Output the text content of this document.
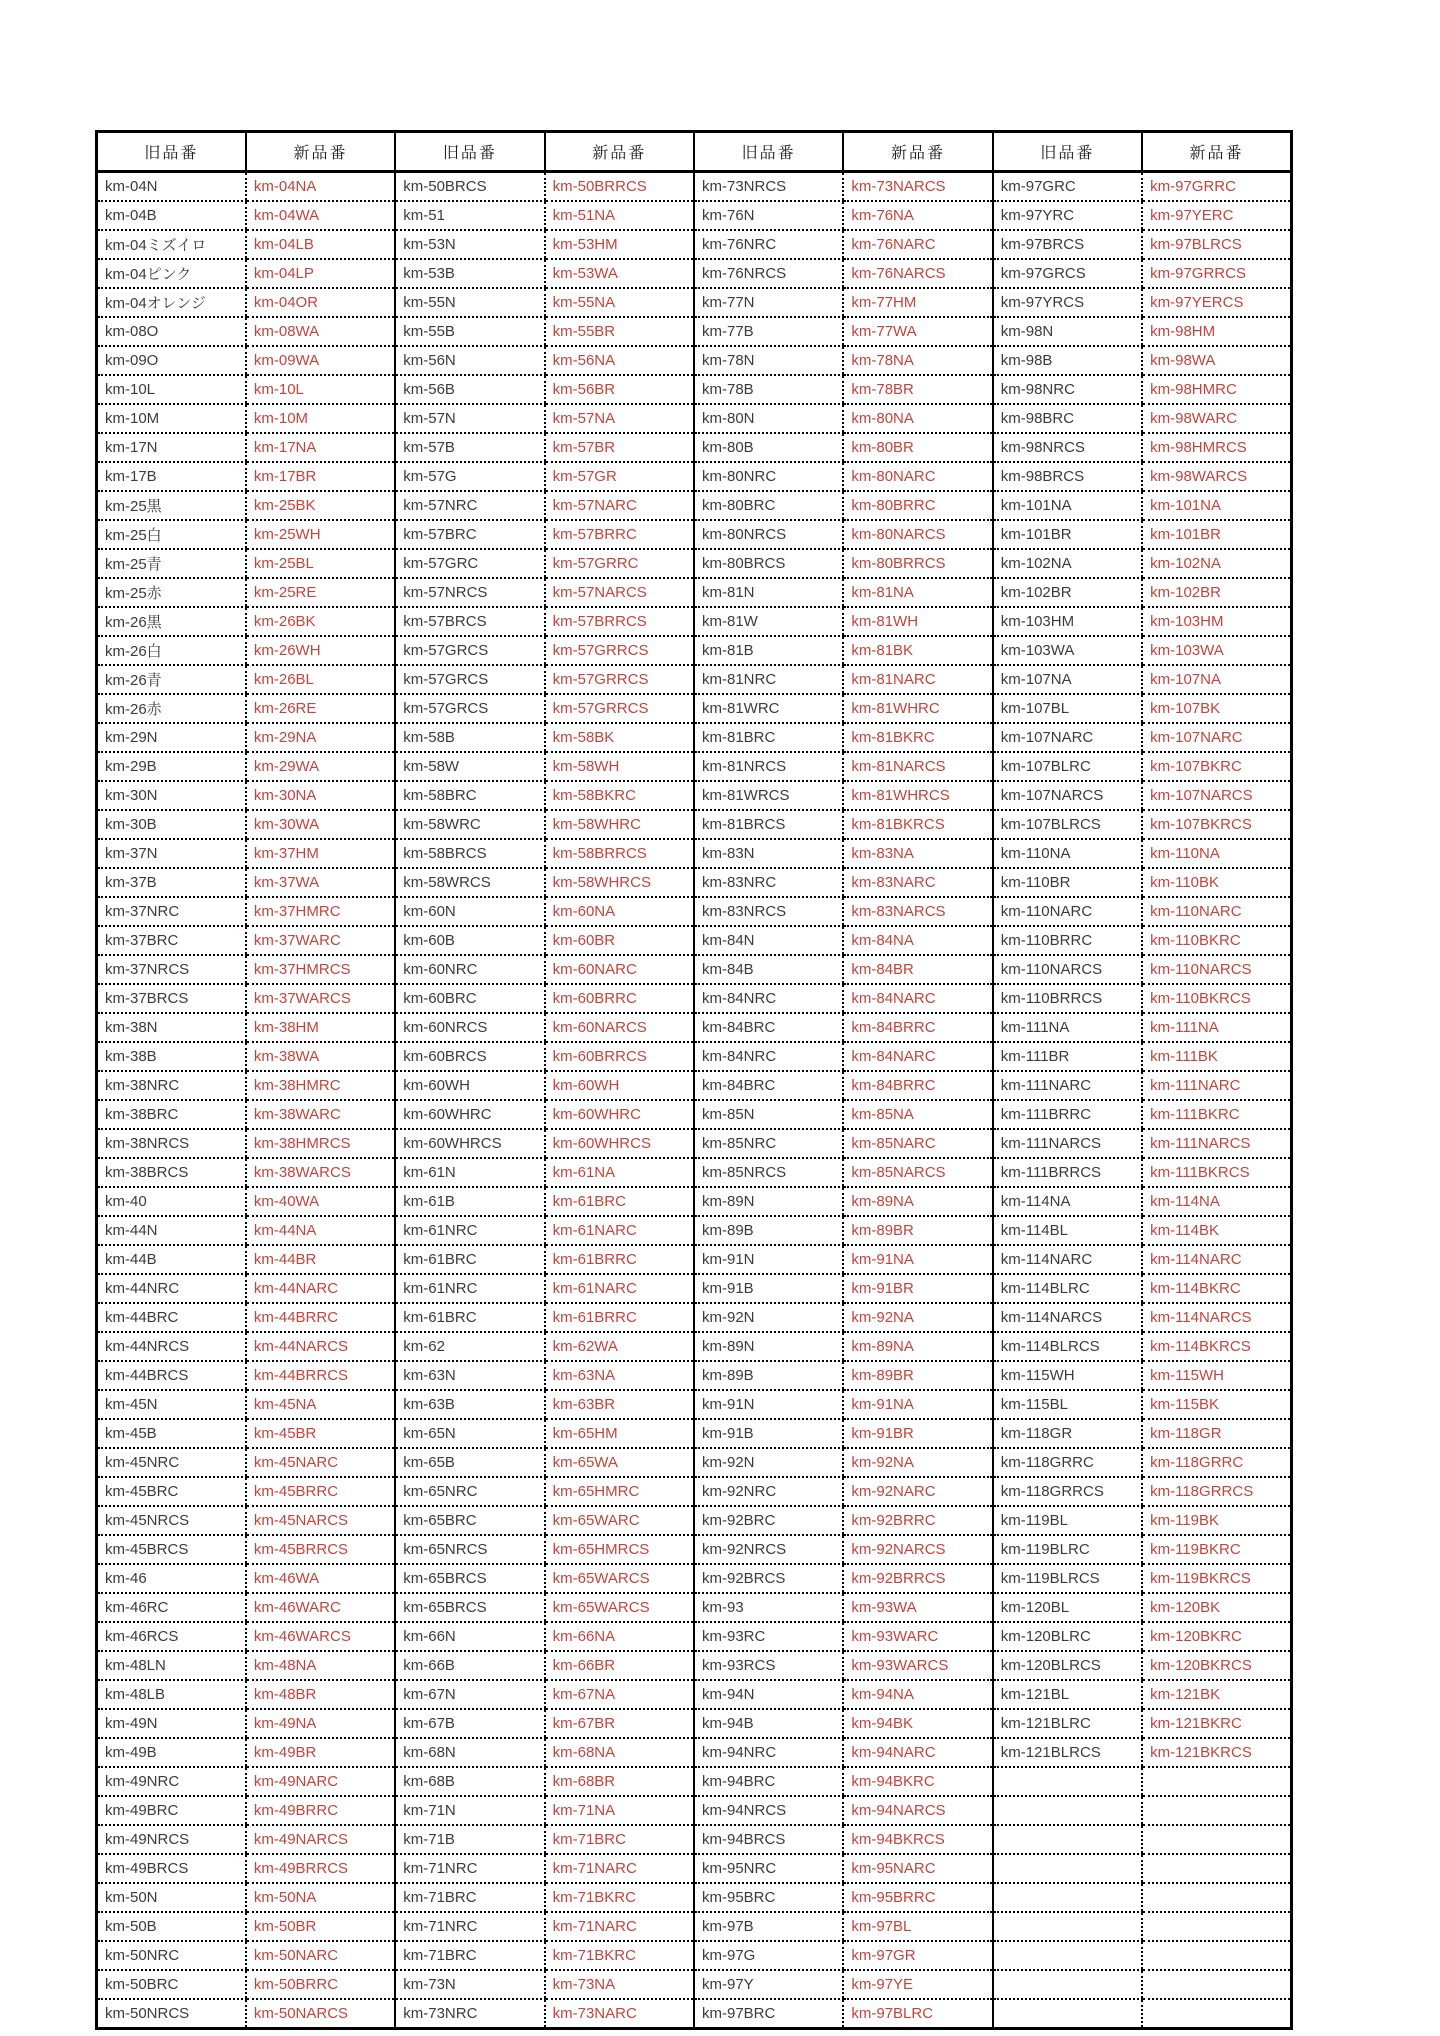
旧品番	新品番	旧品番	新品番	旧品番	新品番	旧品番	新品番
km-04N	km-04NA	km-50BRCS	km-50BRRCS	km-73NRCS	km-73NARCS	km-97GRC	km-97GRRC
km-04B	km-04WA	km-51	km-51NA	km-76N	km-76NA	km-97YRC	km-97YERC
km-04ミズイロ	km-04LB	km-53N	km-53HM	km-76NRC	km-76NARC	km-97BRCS	km-97BLRCS
km-04ピンク	km-04LP	km-53B	km-53WA	km-76NRCS	km-76NARCS	km-97GRCS	km-97GRRCS
km-04オレンジ	km-04OR	km-55N	km-55NA	km-77N	km-77HM	km-97YRCS	km-97YERCS
km-08O	km-08WA	km-55B	km-55BR	km-77B	km-77WA	km-98N	km-98HM
km-09O	km-09WA	km-56N	km-56NA	km-78N	km-78NA	km-98B	km-98WA
km-10L	km-10L	km-56B	km-56BR	km-78B	km-78BR	km-98NRC	km-98HMRC
km-10M	km-10M	km-57N	km-57NA	km-80N	km-80NA	km-98BRC	km-98WARC
km-17N	km-17NA	km-57B	km-57BR	km-80B	km-80BR	km-98NRCS	km-98HMRCS
km-17B	km-17BR	km-57G	km-57GR	km-80NRC	km-80NARC	km-98BRCS	km-98WARCS
km-25黒	km-25BK	km-57NRC	km-57NARC	km-80BRC	km-80BRRC	km-101NA	km-101NA
km-25白	km-25WH	km-57BRC	km-57BRRC	km-80NRCS	km-80NARCS	km-101BR	km-101BR
km-25青	km-25BL	km-57GRC	km-57GRRC	km-80BRCS	km-80BRRCS	km-102NA	km-102NA
km-25赤	km-25RE	km-57NRCS	km-57NARCS	km-81N	km-81NA	km-102BR	km-102BR
km-26黒	km-26BK	km-57BRCS	km-57BRRCS	km-81W	km-81WH	km-103HM	km-103HM
km-26白	km-26WH	km-57GRCS	km-57GRRCS	km-81B	km-81BK	km-103WA	km-103WA
km-26青	km-26BL	km-57GRCS	km-57GRRCS	km-81NRC	km-81NARC	km-107NA	km-107NA
km-26赤	km-26RE	km-57GRCS	km-57GRRCS	km-81WRC	km-81WHRC	km-107BL	km-107BK
km-29N	km-29NA	km-58B	km-58BK	km-81BRC	km-81BKRC	km-107NARC	km-107NARC
km-29B	km-29WA	km-58W	km-58WH	km-81NRCS	km-81NARCS	km-107BLRC	km-107BKRC
km-30N	km-30NA	km-58BRC	km-58BKRC	km-81WRCS	km-81WHRCS	km-107NARCS	km-107NARCS
km-30B	km-30WA	km-58WRC	km-58WHRC	km-81BRCS	km-81BKRCS	km-107BLRCS	km-107BKRCS
km-37N	km-37HM	km-58BRCS	km-58BRRCS	km-83N	km-83NA	km-110NA	km-110NA
km-37B	km-37WA	km-58WRCS	km-58WHRCS	km-83NRC	km-83NARC	km-110BR	km-110BK
km-37NRC	km-37HMRC	km-60N	km-60NA	km-83NRCS	km-83NARCS	km-110NARC	km-110NARC
km-37BRC	km-37WARC	km-60B	km-60BR	km-84N	km-84NA	km-110BRRC	km-110BKRC
km-37NRCS	km-37HMRCS	km-60NRC	km-60NARC	km-84B	km-84BR	km-110NARCS	km-110NARCS
km-37BRCS	km-37WARCS	km-60BRC	km-60BRRC	km-84NRC	km-84NARC	km-110BRRCS	km-110BKRCS
km-38N	km-38HM	km-60NRCS	km-60NARCS	km-84BRC	km-84BRRC	km-111NA	km-111NA
km-38B	km-38WA	km-60BRCS	km-60BRRCS	km-84NRC	km-84NARC	km-111BR	km-111BK
km-38NRC	km-38HMRC	km-60WH	km-60WH	km-84BRC	km-84BRRC	km-111NARC	km-111NARC
km-38BRC	km-38WARC	km-60WHRC	km-60WHRC	km-85N	km-85NA	km-111BRRC	km-111BKRC
km-38NRCS	km-38HMRCS	km-60WHRCS	km-60WHRCS	km-85NRC	km-85NARC	km-111NARCS	km-111NARCS
km-38BRCS	km-38WARCS	km-61N	km-61NA	km-85NRCS	km-85NARCS	km-111BRRCS	km-111BKRCS
km-40	km-40WA	km-61B	km-61BRC	km-89N	km-89NA	km-114NA	km-114NA
km-44N	km-44NA	km-61NRC	km-61NARC	km-89B	km-89BR	km-114BL	km-114BK
km-44B	km-44BR	km-61BRC	km-61BRRC	km-91N	km-91NA	km-114NARC	km-114NARC
km-44NRC	km-44NARC	km-61NRC	km-61NARC	km-91B	km-91BR	km-114BLRC	km-114BKRC
km-44BRC	km-44BRRC	km-61BRC	km-61BRRC	km-92N	km-92NA	km-114NARCS	km-114NARCS
km-44NRCS	km-44NARCS	km-62	km-62WA	km-89N	km-89NA	km-114BLRCS	km-114BKRCS
km-44BRCS	km-44BRRCS	km-63N	km-63NA	km-89B	km-89BR	km-115WH	km-115WH
km-45N	km-45NA	km-63B	km-63BR	km-91N	km-91NA	km-115BL	km-115BK
km-45B	km-45BR	km-65N	km-65HM	km-91B	km-91BR	km-118GR	km-118GR
km-45NRC	km-45NARC	km-65B	km-65WA	km-92N	km-92NA	km-118GRRC	km-118GRRC
km-45BRC	km-45BRRC	km-65NRC	km-65HMRC	km-92NRC	km-92NARC	km-118GRRCS	km-118GRRCS
km-45NRCS	km-45NARCS	km-65BRC	km-65WARC	km-92BRC	km-92BRRC	km-119BL	km-119BK
km-45BRCS	km-45BRRCS	km-65NRCS	km-65HMRCS	km-92NRCS	km-92NARCS	km-119BLRC	km-119BKRC
km-46	km-46WA	km-65BRCS	km-65WARCS	km-92BRCS	km-92BRRCS	km-119BLRCS	km-119BKRCS
km-46RC	km-46WARC	km-65BRCS	km-65WARCS	km-93	km-93WA	km-120BL	km-120BK
km-46RCS	km-46WARCS	km-66N	km-66NA	km-93RC	km-93WARC	km-120BLRC	km-120BKRC
km-48LN	km-48NA	km-66B	km-66BR	km-93RCS	km-93WARCS	km-120BLRCS	km-120BKRCS
km-48LB	km-48BR	km-67N	km-67NA	km-94N	km-94NA	km-121BL	km-121BK
km-49N	km-49NA	km-67B	km-67BR	km-94B	km-94BK	km-121BLRC	km-121BKRC
km-49B	km-49BR	km-68N	km-68NA	km-94NRC	km-94NARC	km-121BLRCS	km-121BKRCS
km-49NRC	km-49NARC	km-68B	km-68BR	km-94BRC	km-94BKRC		
km-49BRC	km-49BRRC	km-71N	km-71NA	km-94NRCS	km-94NARCS		
km-49NRCS	km-49NARCS	km-71B	km-71BRC	km-94BRCS	km-94BKRCS		
km-49BRCS	km-49BRRCS	km-71NRC	km-71NARC	km-95NRC	km-95NARC		
km-50N	km-50NA	km-71BRC	km-71BKRC	km-95BRC	km-95BRRC		
km-50B	km-50BR	km-71NRC	km-71NARC	km-97B	km-97BL		
km-50NRC	km-50NARC	km-71BRC	km-71BKRC	km-97G	km-97GR		
km-50BRC	km-50BRRC	km-73N	km-73NA	km-97Y	km-97YE		
km-50NRCS	km-50NARCS	km-73NRC	km-73NARC	km-97BRC	km-97BLRC		
